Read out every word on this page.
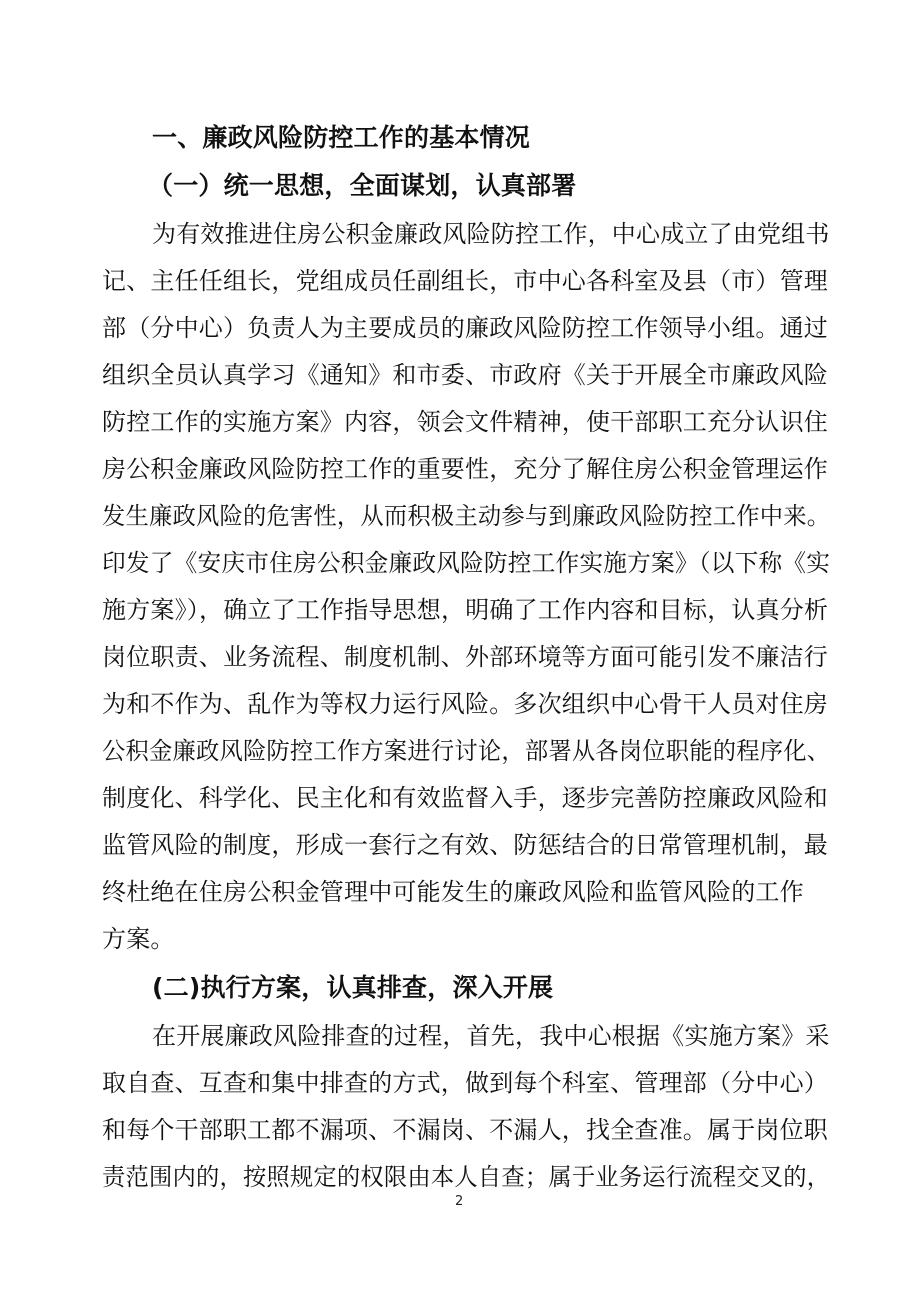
一、廉政风险防控工作的基本情况
（一）统一思想，全面谋划，认真部署
为有效推进住房公积金廉政风险防控工作，中心成立了由党组书
记、主任任组长，党组成员任副组长，市中心各科室及县（市）管理
部（分中心）负责人为主要成员的廉政风险防控工作领导小组。通过
组织全员认真学习《通知》和市委、市政府《关于开展全市廉政风险
防控工作的实施方案》内容，领会文件精神，使干部职工充分认识住
房公积金廉政风险防控工作的重要性，充分了解住房公积金管理运作
发生廉政风险的危害性，从而积极主动参与到廉政风险防控工作中来。
印发了《安庆市住房公积金廉政风险防控工作实施方案》（以下称《实
施方案》），确立了工作指导思想，明确了工作内容和目标，认真分析
岗位职责、业务流程、制度机制、外部环境等方面可能引发不廉洁行
为和不作为、乱作为等权力运行风险。多次组织中心骨干人员对住房
公积金廉政风险防控工作方案进行讨论，部署从各岗位职能的程序化、
制度化、科学化、民主化和有效监督入手，逐步完善防控廉政风险和
监管风险的制度，形成一套行之有效、防惩结合的日常管理机制，最
终杜绝在住房公积金管理中可能发生的廉政风险和监管风险的工作
方案。
(二)执行方案，认真排查，深入开展
在开展廉政风险排查的过程，首先，我中心根据《实施方案》采
取自查、互查和集中排查的方式，做到每个科室、管理部（分中心）
和每个干部职工都不漏项、不漏岗、不漏人，找全查准。属于岗位职
责范围内的，按照规定的权限由本人自查；属于业务运行流程交叉的，
2
